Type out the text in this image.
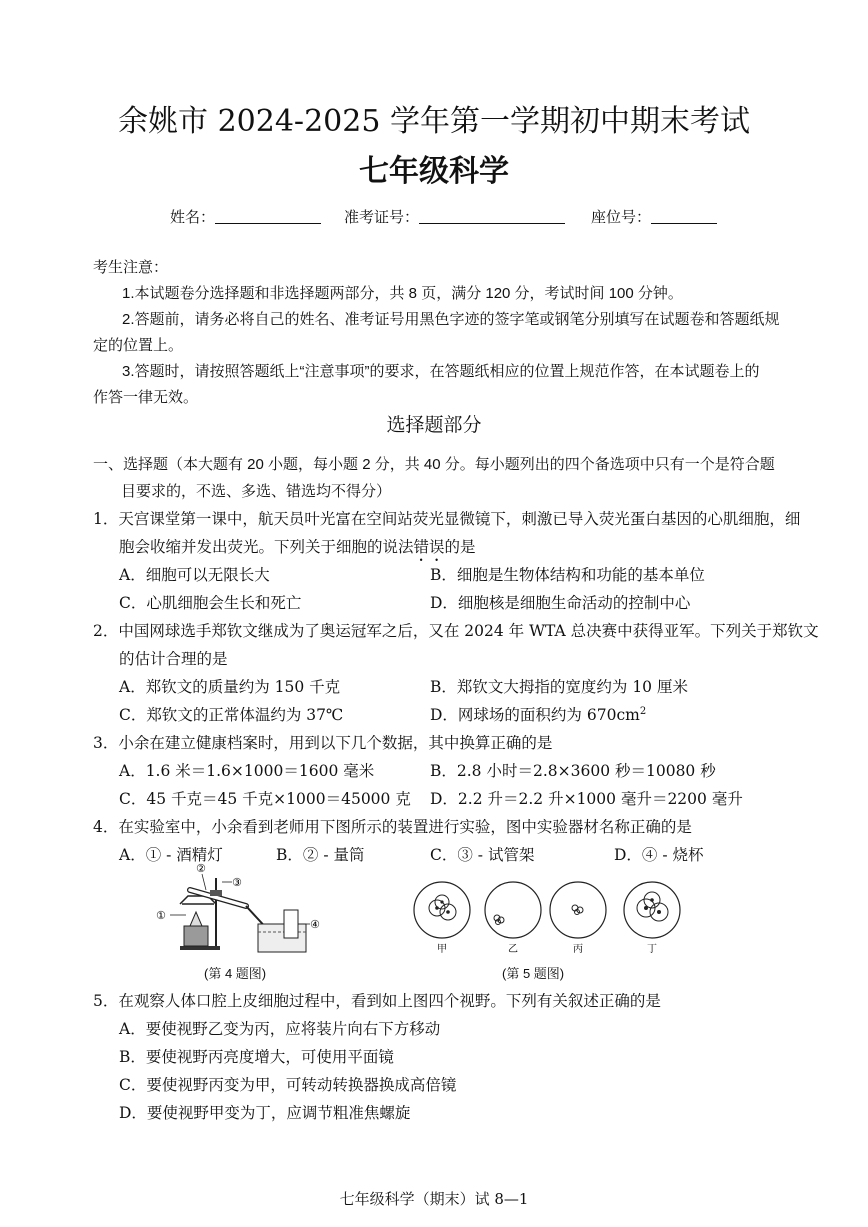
余姚市 2024-2025 学年第一学期初中期末考试
七年级科学
姓名：	准考证号：	座位号：
考生注意：
1.本试题卷分选择题和非选择题两部分，共 8 页，满分 120 分，考试时间 100 分钟。
2.答题前，请务必将自己的姓名、准考证号用黑色字迹的签字笔或钢笔分别填写在试题卷和答题纸规
定的位置上。
3.答题时，请按照答题纸上“注意事项”的要求，在答题纸相应的位置上规范作答，在本试题卷上的
作答一律无效。
选择题部分
一、选择题（本大题有 20 小题，每小题 2 分，共 40 分。每小题列出的四个备选项中只有一个是符合题
目要求的，不选、多选、错选均不得分）
1．天宫课堂第一课中，航天员叶光富在空间站荧光显微镜下，刺激已导入荧光蛋白基因的心肌细胞，细
胞会收缩并发出荧光。下列关于细胞的说法错误的是
A．细胞可以无限长大	B．细胞是生物体结构和功能的基本单位
C．心肌细胞会生长和死亡	D．细胞核是细胞生命活动的控制中心
2．中国网球选手郑钦文继成为了奥运冠军之后，又在 2024 年 WTA 总决赛中获得亚军。下列关于郑钦文
的估计合理的是
A．郑钦文的质量约为 150 千克	B．郑钦文大拇指的宽度约为 10 厘米
C．郑钦文的正常体温约为 37℃	D．网球场的面积约为 $670cm^2$
3．小余在建立健康档案时，用到以下几个数据，其中换算正确的是
A．1.6 米＝1.6×1000＝1600 毫米	B．2.8 小时＝2.8×3600 秒＝10080 秒
C．45 千克＝45 千克×1000＝45000 克 D．2.2 升＝2.2 升×1000 毫升＝2200 毫升
4．在实验室中，小余看到老师用下图所示的装置进行实验，图中实验器材名称正确的是
A．① - 酒精灯	B．② - 量筒	C．③ - 试管架	D．④ - 烧杯
①
②
③
④
(第 4 题图)
甲	乙	丙	丁
(第 5 题图)
5．在观察人体口腔上皮细胞过程中，看到如上图四个视野。下列有关叙述正确的是
A．要使视野乙变为丙，应将装片向右下方移动
B．要使视野丙亮度增大，可使用平面镜
C．要使视野丙变为甲，可转动转换器换成高倍镜
D．要使视野甲变为丁，应调节粗准焦螺旋
七年级科学（期末）试 8—1
